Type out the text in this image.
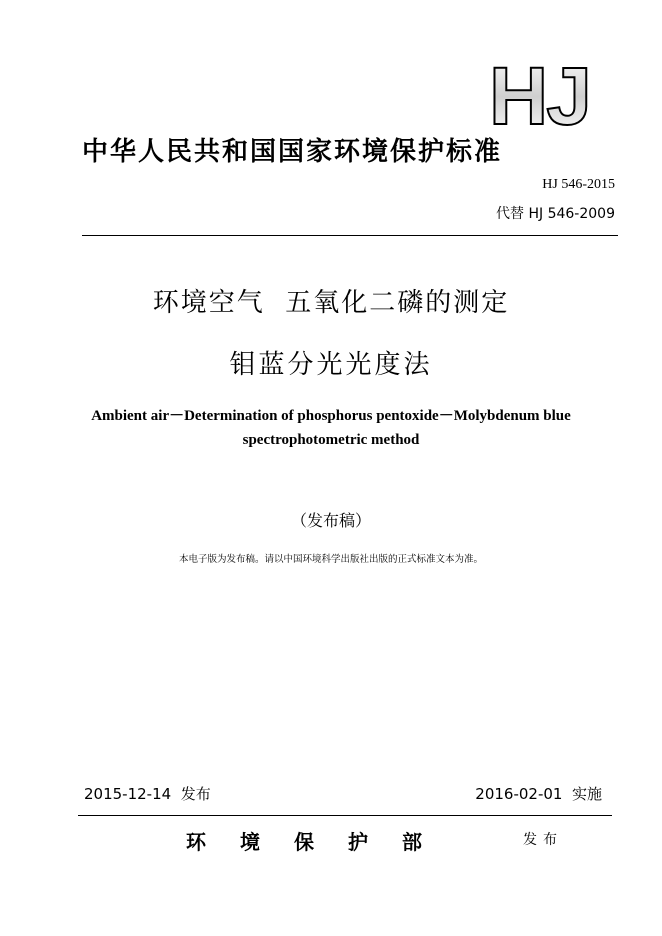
HJ
中华人民共和国国家环境保护标准
HJ 546-2015
代替 HJ 546-2009
环境空气  五氧化二磷的测定
钼蓝分光光度法
Ambient air－Determination of phosphorus pentoxide－Molybdenum blue
spectrophotometric method
（发布稿）
本电子版为发布稿。请以中国环境科学出版社出版的正式标准文本为准。
2015-12-14  发布	2016-02-01  实施
环境保护部	发布
